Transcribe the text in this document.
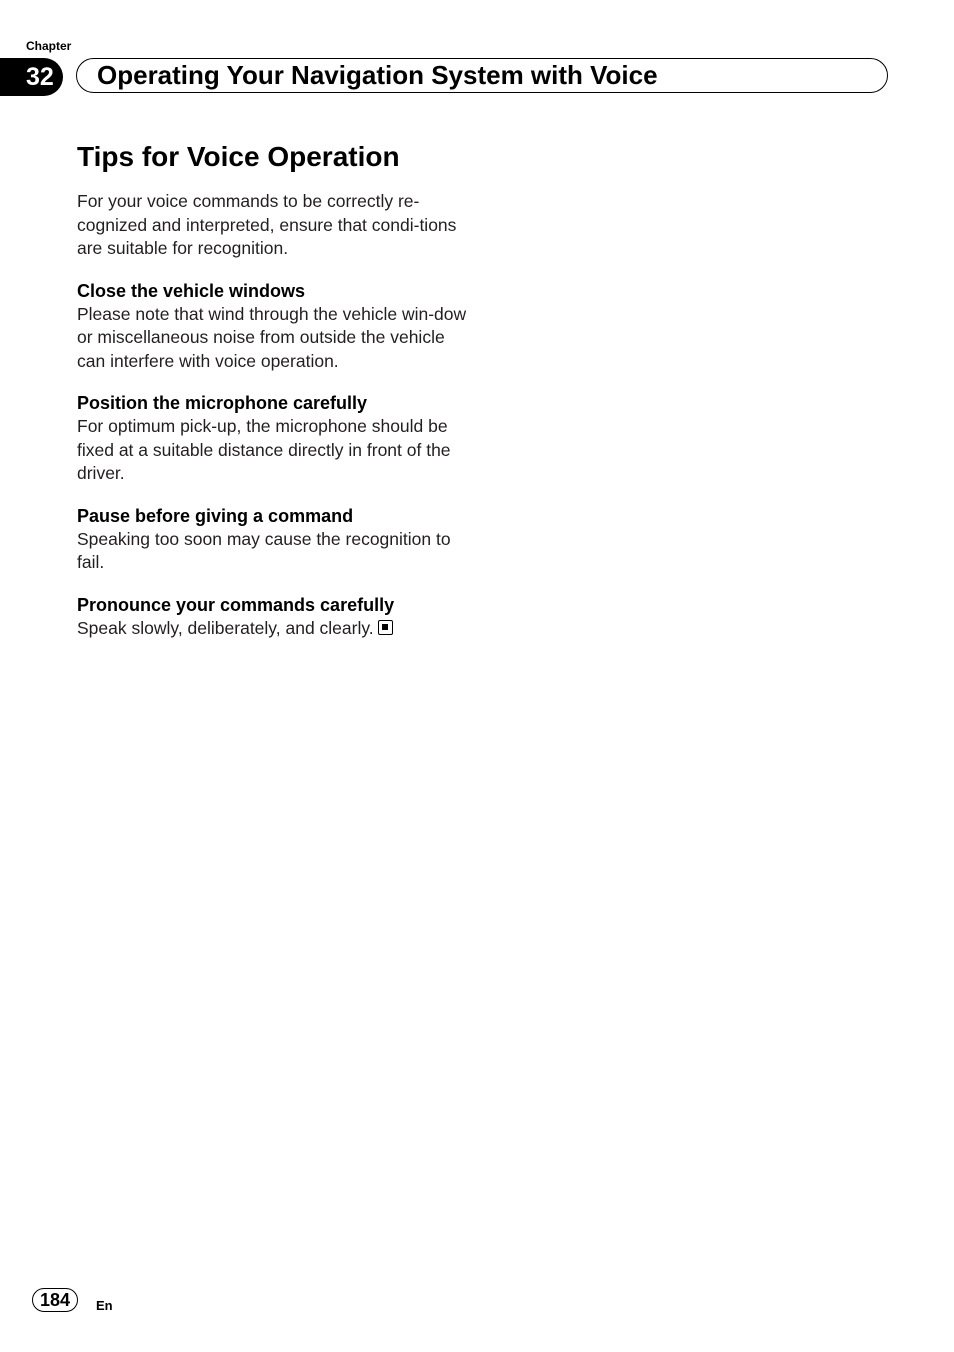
Chapter
32 Operating Your Navigation System with Voice
Tips for Voice Operation

For your voice commands to be correctly re-cognized and interpreted, ensure that condi-tions are suitable for recognition.

Close the vehicle windows

Please note that wind through the vehicle win-dow or miscellaneous noise from outside the vehicle can interfere with voice operation.

Position the microphone carefully

For optimum pick-up, the microphone should be fixed at a suitable distance directly in front of the driver.

Pause before giving a command

Speaking too soon may cause the recognition to fail.

Pronounce your commands carefully

Speak slowly, deliberately, and clearly.

184	En
